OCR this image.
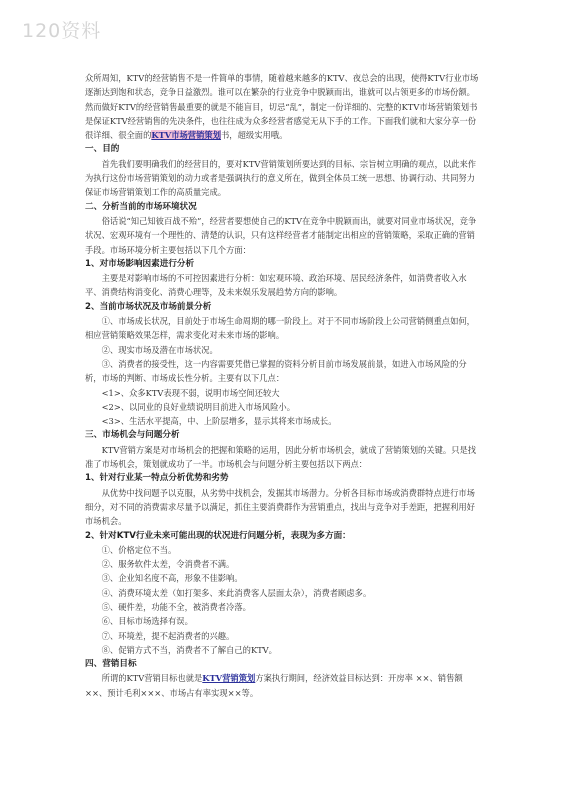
120资料

众所周知，KTV的经营销售不是一件简单的事情，随着越来越多的KTV、夜总会的出现，使得KTV行业市场逐渐达到饱和状态，竞争日益激烈。谁可以在繁杂的行业竞争中脱颖而出，谁就可以占领更多的市场份额。然而做好KTV的经营销售最重要的就是不能盲目，切忌“乱”，制定一份详细的、完整的KTV市场营销策划书是保证KTV经营销售的先决条件，也往往成为众多经营者感觉无从下手的工作。下面我们就和大家分享一份很详细、很全面的KTV市场营销策划书，超级实用哦。

一、目的

首先我们要明确我们的经营目的，要对KTV营销策划所要达到的目标、宗旨树立明确的观点，以此来作为执行这份市场营销策划的动力或者是强调执行的意义所在，做到全体员工统一思想、协调行动、共同努力保证市场营销策划工作的高质量完成。

二、分析当前的市场环境状况

俗话说“知己知彼百战不殆”，经营者要想使自己的KTV在竞争中脱颖而出，就要对同业市场状况，竞争状况、宏观环境有一个理性的、清楚的认识，只有这样经营者才能制定出相应的营销策略，采取正确的营销手段。市场环境分析主要包括以下几个方面：

1、对市场影响因素进行分析

主要是对影响市场的不可控因素进行分析：如宏观环境、政治环境、居民经济条件，如消费者收入水平、消费结构消变化、消费心理等，及未来娱乐发展趋势方向的影响。

2、当前市场状况及市场前景分析

①、市场成长状况，目前处于市场生命周期的哪一阶段上。对于不同市场阶段上公司营销侧重点如何，相应营销策略效果怎样，需求变化对未来市场的影响。

②、现实市场及潜在市场状况。

③、消费者的接受性，这一内容需要凭借已掌握的资料分析目前市场发展前景，如进入市场风险的分析，市场的判断、市场成长性分析。主要有以下几点：

<1>、众多KTV表现不弱，说明市场空间还较大

<2>、以同业的良好业绩说明目前进入市场风险小。

<3>、生活水平提高，中、上阶层增多，显示其将来市场成长。

三、市场机会与问题分析

KTV营销方案是对市场机会的把握和策略的运用，因此分析市场机会，就成了营销策划的关键。只是找准了市场机会，策划就成功了一半。市场机会与问题分析主要包括以下两点：

1、针对行业某一特点分析优势和劣势

从优势中找问题予以克服，从劣势中找机会，发掘其市场潜力。分析各目标市场或消费群特点进行市场细分，对不同的消费需求尽量予以满足，抓住主要消费群作为营销重点，找出与竞争对手差距，把握利用好市场机会。

2、针对KTV行业未来可能出现的状况进行问题分析，表现为多方面：

①、价格定位不当。

②、服务软件太差，令消费者不满。

③、企业知名度不高，形象不佳影响。

④、消费环境太差（如打架多、来此消费客人层面太杂），消费者顾虑多。

⑤、硬件差，功能不全，被消费者冷落。

⑥、目标市场选择有误。

⑦、环境差，提不起消费者的兴趣。

⑧、促销方式不当，消费者不了解自己的KTV。

四、营销目标

所谓的KTV营销目标也就是KTV营销策划方案执行期间，经济效益目标达到：开房率 ××、销售额 ××、预计毛利×××、市场占有率实现××等。
